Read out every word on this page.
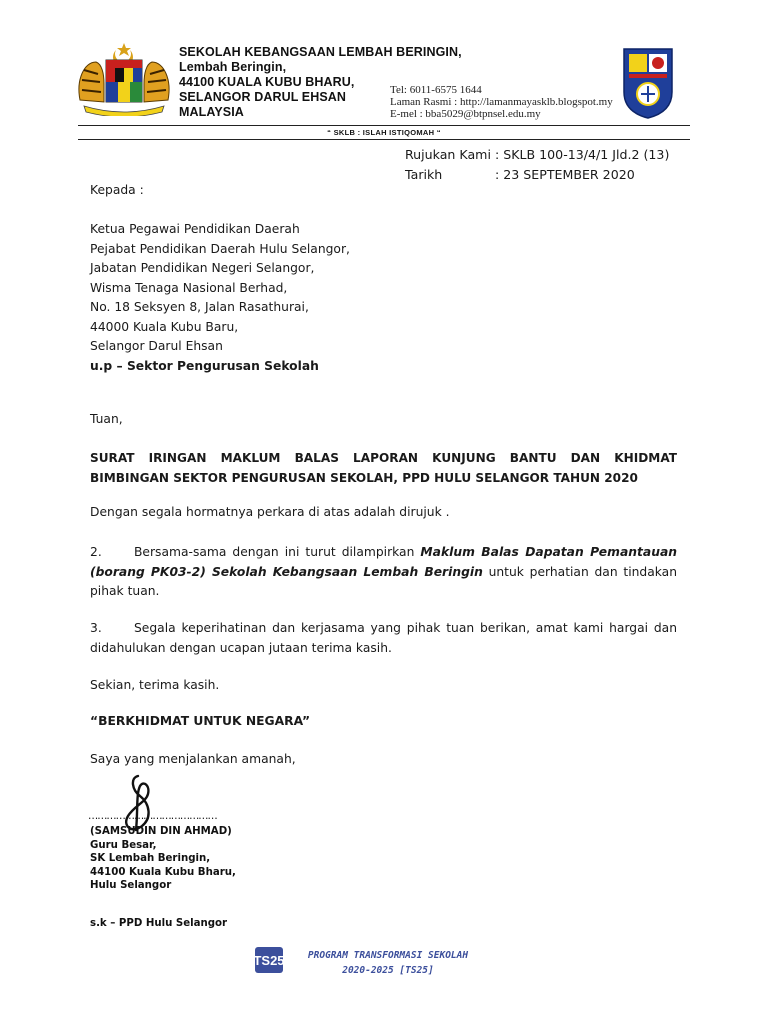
SEKOLAH KEBANGSAAN LEMBAH BERINGIN,
Lembah Beringin,
44100 KUALA KUBU BHARU,
SELANGOR DARUL EHSAN
MALAYSIA
Tel: 6011-6575 1644
Laman Rasmi : http://lamanmayasklb.blogspot.my
E-mel : bba5029@btpnsel.edu.my
“ SKLB : ISLAH ISTIQOMAH “
Rujukan Kami : SKLB 100-13/4/1 Jld.2 (13)
Tarikh	: 23 SEPTEMBER 2020
Kepada :
Ketua Pegawai Pendidikan Daerah
Pejabat Pendidikan Daerah Hulu Selangor,
Jabatan Pendidikan Negeri Selangor,
Wisma Tenaga Nasional Berhad,
No. 18 Seksyen 8, Jalan Rasathurai,
44000 Kuala Kubu Baru,
Selangor Darul Ehsan
u.p – Sektor Pengurusan Sekolah
Tuan,
SURAT IRINGAN MAKLUM BALAS LAPORAN KUNJUNG BANTU DAN KHIDMAT BIMBINGAN SEKTOR PENGURUSAN SEKOLAH, PPD HULU SELANGOR TAHUN 2020
Dengan segala hormatnya perkara di atas adalah dirujuk .
2.	Bersama-sama dengan ini turut dilampirkan Maklum Balas Dapatan Pemantauan (borang PK03-2) Sekolah Kebangsaan Lembah Beringin untuk perhatian dan tindakan pihak tuan.
3.	Segala keperihatinan dan kerjasama yang pihak tuan berikan, amat kami hargai dan didahulukan dengan ucapan jutaan terima kasih.
Sekian, terima kasih.
“BERKHIDMAT UNTUK NEGARA”
Saya yang menjalankan amanah,
……………………………………
(SAMSUDIN DIN AHMAD)
Guru Besar,
SK Lembah Beringin,
44100 Kuala Kubu Bharu,
Hulu Selangor
s.k – PPD Hulu Selangor
TS25	PROGRAM TRANSFORMASI SEKOLAH
2020-2025 [TS25]
